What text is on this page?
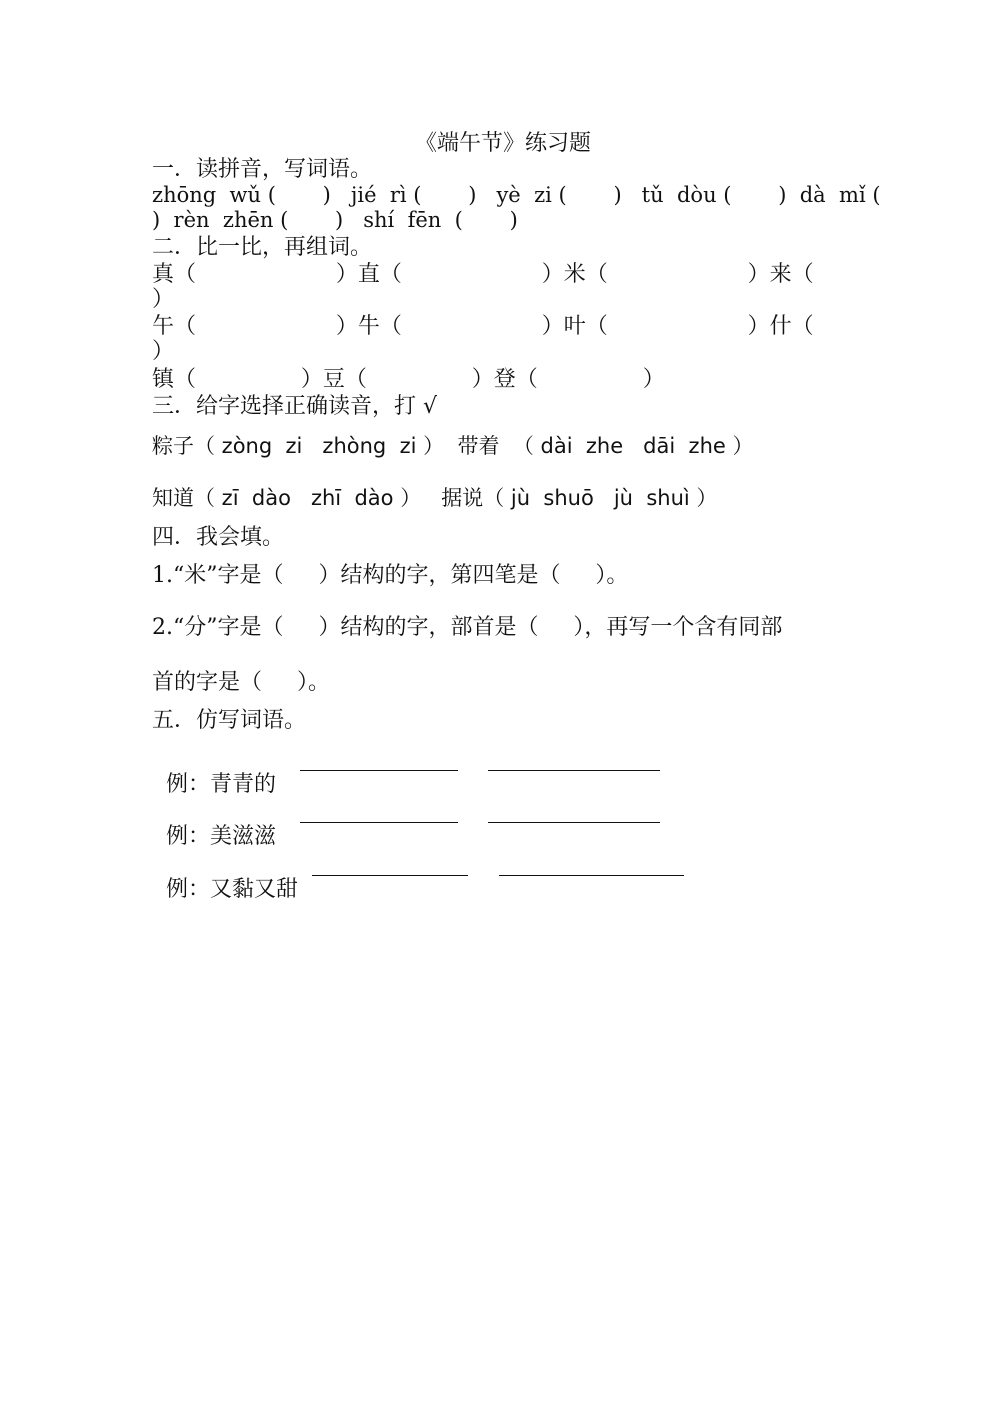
《端午节》练习题
一．读拼音，写词语。
zhōng  wǔ (       )   jié  rì (       )   yè  zi (       )   tǔ  dòu (       )  dà  mǐ (
)  rèn  zhēn (       )   shí  fēn  (       )
二．比一比，再组词。
真（                    ）直（                    ）米（                    ）来（
）
午（                    ）牛（                    ）叶（                    ）什（
）
镇（               ）豆（               ）登（               ）
三．给字选择正确读音，打 √
粽子（ zòng  zi   zhòng  zi ）  带着  （ dài  zhe   dāi  zhe ）
知道（ zī  dào   zhī  dào ）   据说（ jù  shuō   jù  shuì ）
四．我会填。
1.“米”字是（     ）结构的字，第四笔是（     ）。
2.“分”字是（     ）结构的字，部首是（     ），再写一个含有同部
首的字是（     ）。
五．仿写词语。

例：青青的

例：美滋滋

例：又黏又甜
